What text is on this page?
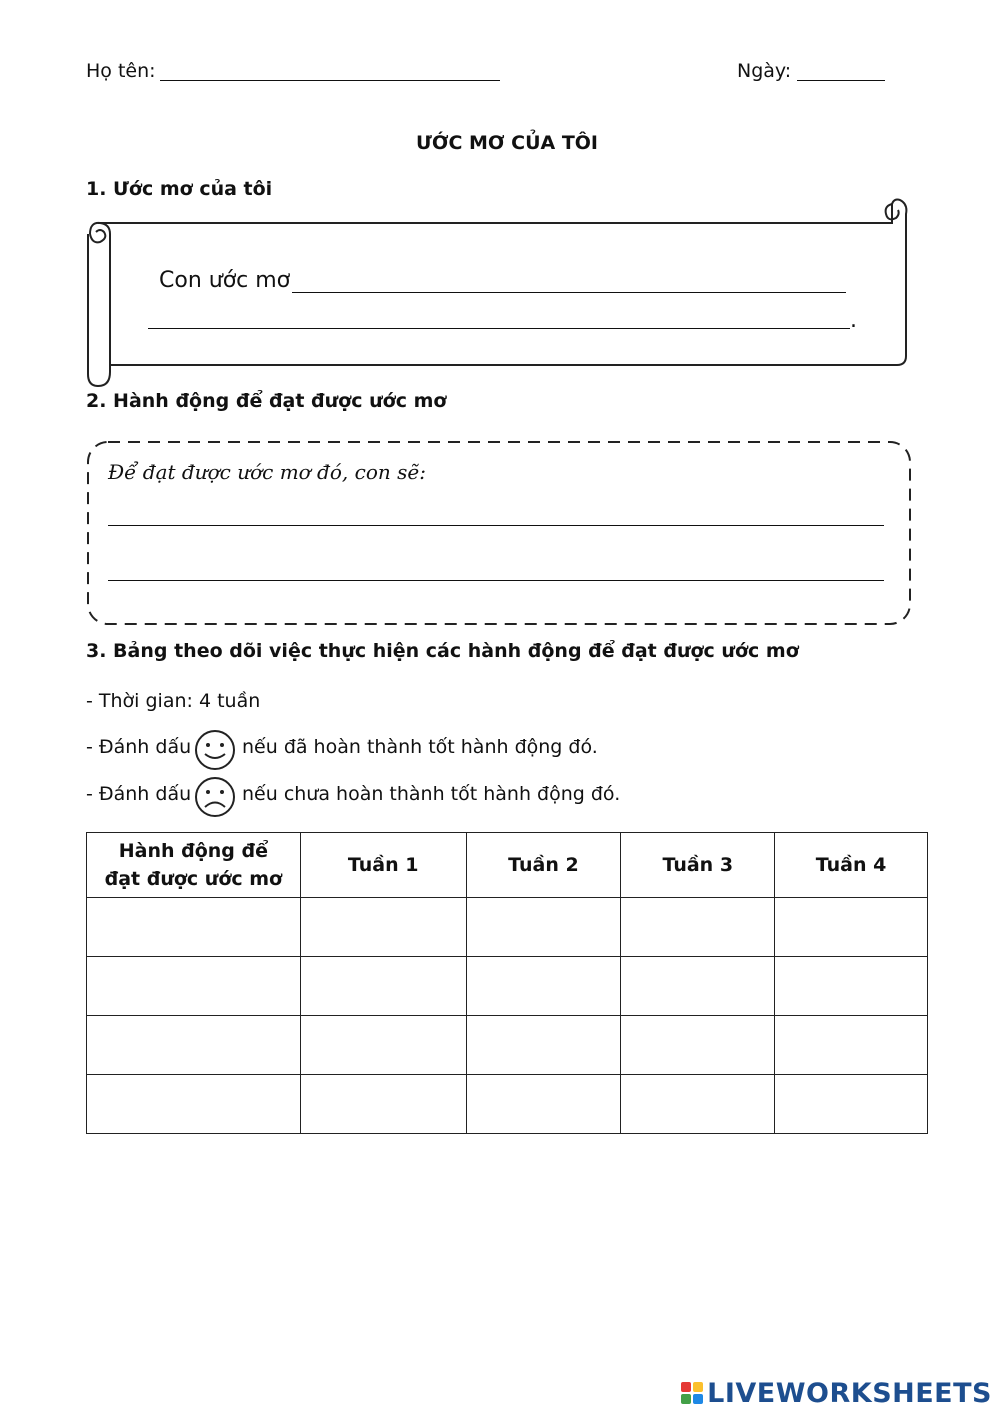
Họ tên:	Ngày:
ƯỚC MƠ CỦA TÔI
1. Ước mơ của tôi
Con ước mơ
.
2. Hành động để đạt được ước mơ
Để đạt được ước mơ đó, con sẽ:
3. Bảng theo dõi việc thực hiện các hành động để đạt được ước mơ
- Thời gian: 4 tuần
- Đánh dấu	nếu đã hoàn thành tốt hành động đó.
- Đánh dấu	nếu chưa hoàn thành tốt hành động đó.
Hành động để đạt được ước mơ	Tuần 1	Tuần 2	Tuần 3	Tuần 4

LIVEWORKSHEETS
